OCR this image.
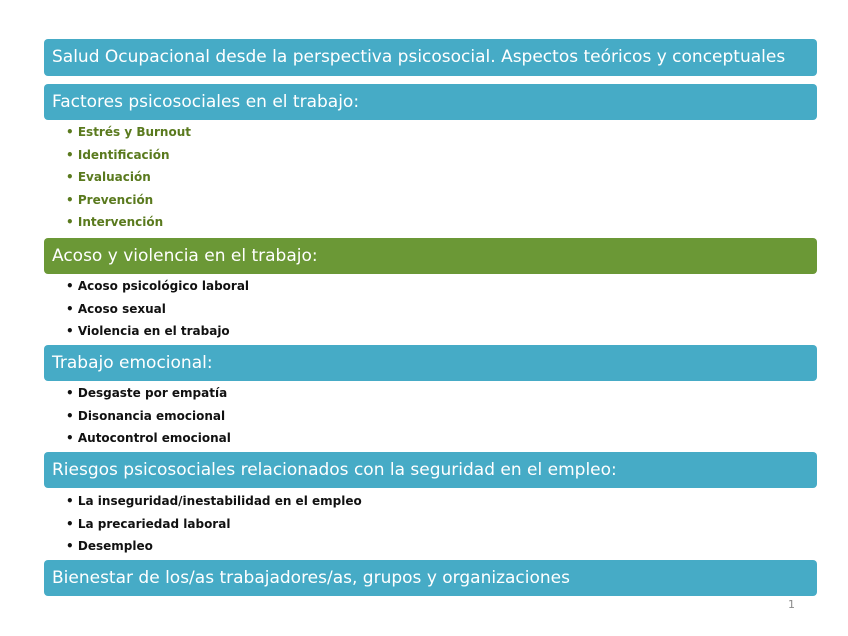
Salud Ocupacional desde la perspectiva psicosocial. Aspectos teóricos y conceptuales
Factores psicosociales en el trabajo:
• Estrés y Burnout
• Identificación
• Evaluación
• Prevención
• Intervención
Acoso y violencia en el trabajo:
• Acoso psicológico laboral
• Acoso sexual
• Violencia en el trabajo
Trabajo emocional:
• Desgaste por empatía
• Disonancia emocional
• Autocontrol emocional
Riesgos psicosociales relacionados con la seguridad en el empleo:
• La inseguridad/inestabilidad en el empleo
• La precariedad laboral
• Desempleo
Bienestar de los/as trabajadores/as, grupos y organizaciones
1
